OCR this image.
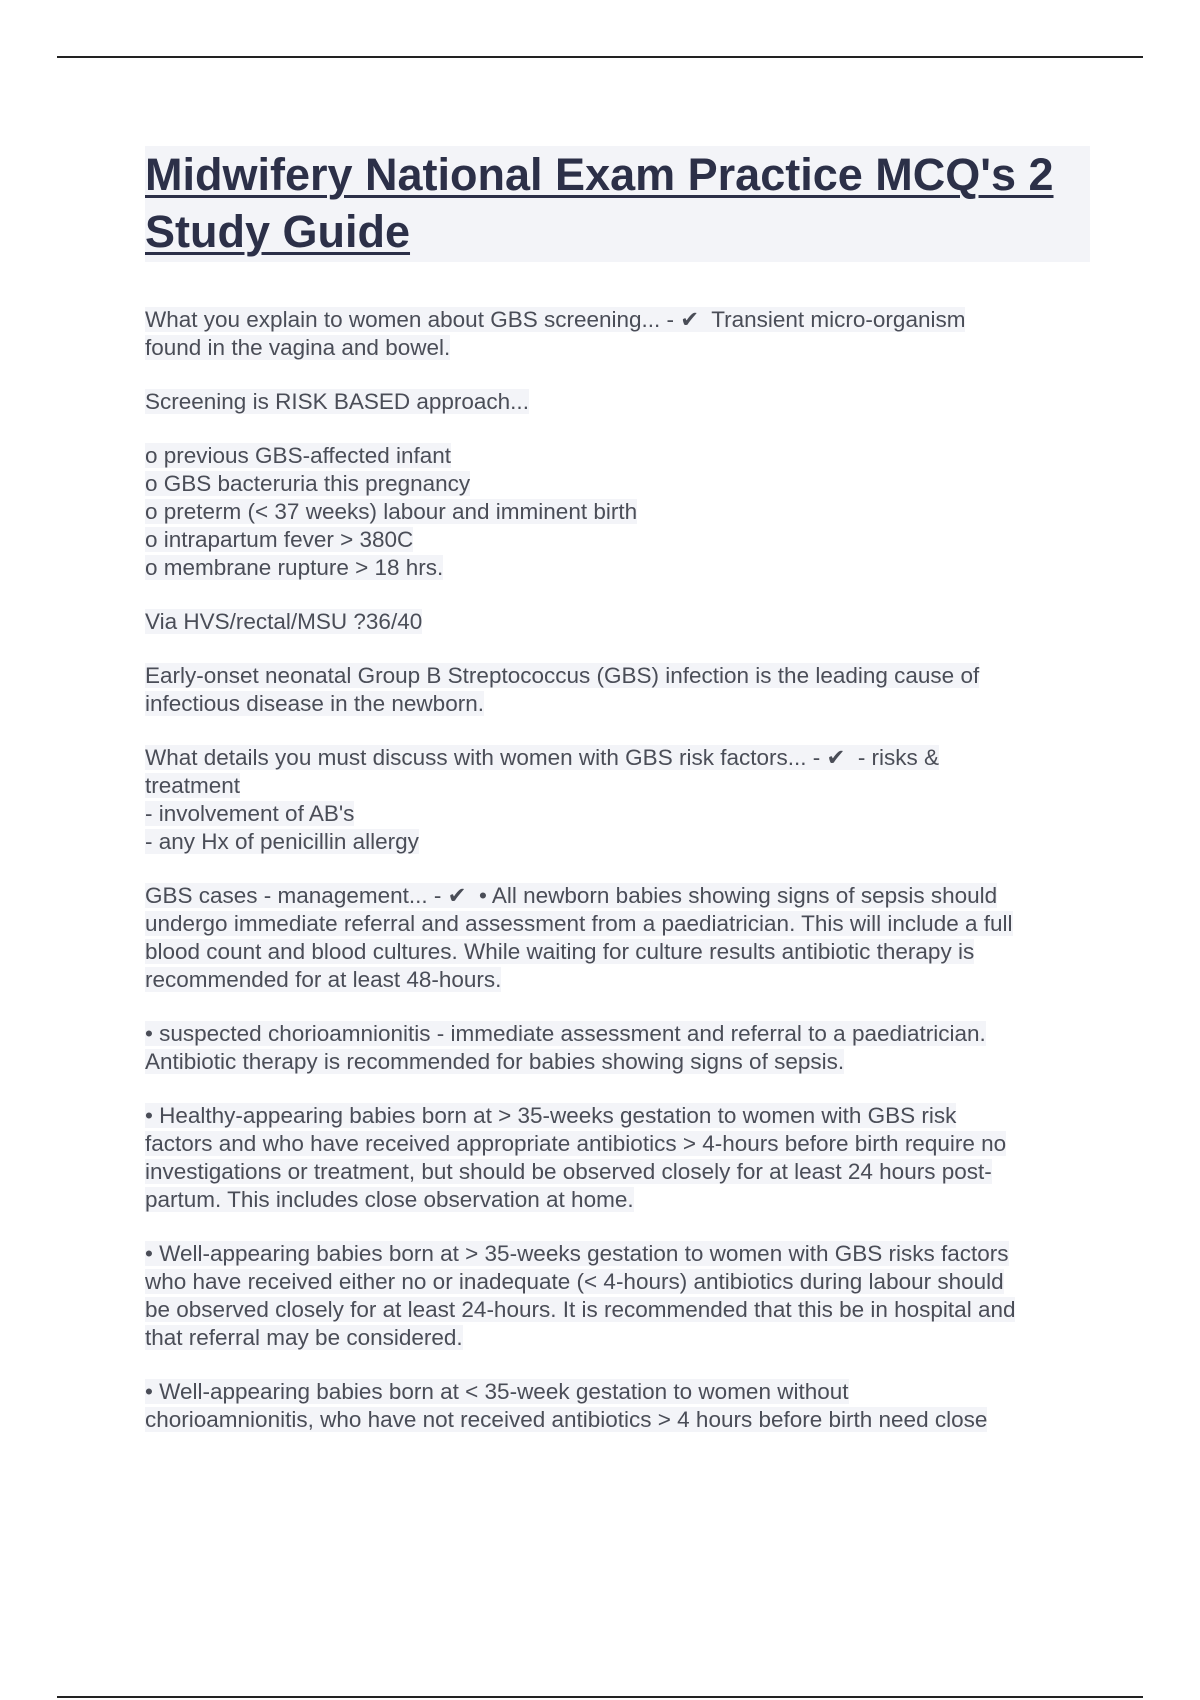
Midwifery National Exam Practice MCQ's 2 Study Guide
What you explain to women about GBS screening... - ✔  Transient micro-organism
found in the vagina and bowel.
Screening is RISK BASED approach...
o previous GBS-affected infant
o GBS bacteruria this pregnancy
o preterm (< 37 weeks) labour and imminent birth
o intrapartum fever > 380C
o membrane rupture > 18 hrs.
Via HVS/rectal/MSU ?36/40
Early-onset neonatal Group B Streptococcus (GBS) infection is the leading cause of
infectious disease in the newborn.
What details you must discuss with women with GBS risk factors... - ✔  - risks &
treatment
- involvement of AB's
- any Hx of penicillin allergy
GBS cases - management... - ✔  • All newborn babies showing signs of sepsis should
undergo immediate referral and assessment from a paediatrician. This will include a full
blood count and blood cultures. While waiting for culture results antibiotic therapy is
recommended for at least 48-hours.
• suspected chorioamnionitis - immediate assessment and referral to a paediatrician.
Antibiotic therapy is recommended for babies showing signs of sepsis.
• Healthy-appearing babies born at > 35-weeks gestation to women with GBS risk
factors and who have received appropriate antibiotics > 4-hours before birth require no
investigations or treatment, but should be observed closely for at least 24 hours post-
partum. This includes close observation at home.
• Well-appearing babies born at > 35-weeks gestation to women with GBS risks factors
who have received either no or inadequate (< 4-hours) antibiotics during labour should
be observed closely for at least 24-hours. It is recommended that this be in hospital and
that referral may be considered.
• Well-appearing babies born at < 35-week gestation to women without
chorioamnionitis, who have not received antibiotics > 4 hours before birth need close
